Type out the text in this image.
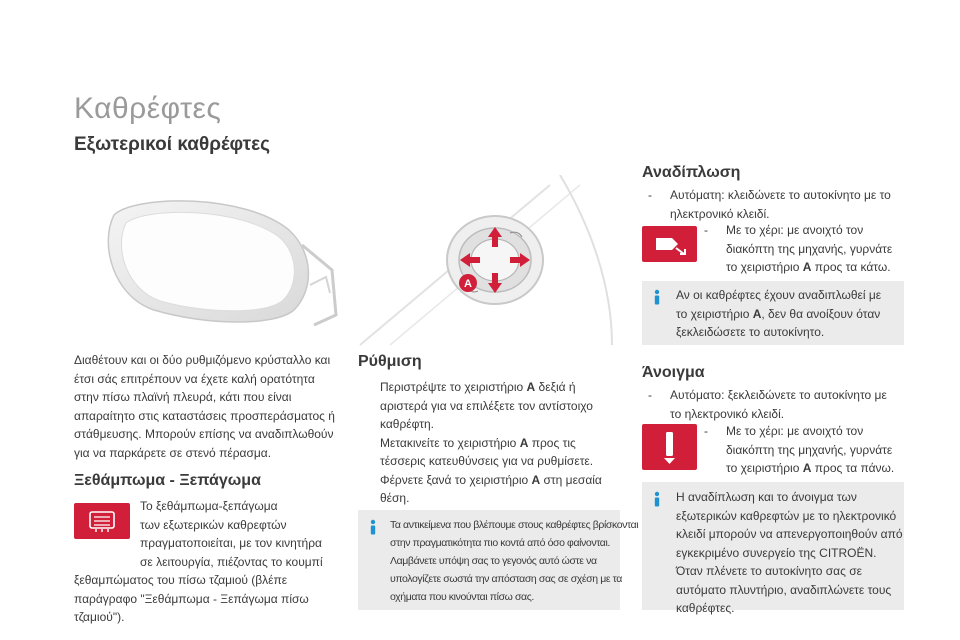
Καθρέφτες
Εξωτερικοί καθρέφτες
A
Διαθέτουν και οι δύο ρυθμιζόμενο κρύσταλλο και
έτσι σάς επιτρέπουν να έχετε καλή ορατότητα
στην πίσω πλαϊνή πλευρά, κάτι που είναι
απαραίτητο στις καταστάσεις προσπεράσματος ή
στάθμευσης. Μπορούν επίσης να αναδιπλωθούν
για να παρκάρετε σε στενό πέρασμα.
Ξεθάμπωμα - Ξεπάγωμα
Το ξεθάμπωμα-ξεπάγωμα
των εξωτερικών καθρεφτών
πραγματοποιείται, με τον κινητήρα
σε λειτουργία, πιέζοντας το κουμπί
ξεθαμπώματος του πίσω τζαμιού (βλέπε
παράγραφο "Ξεθάμπωμα - Ξεπάγωμα πίσω
τζαμιού").
Ρύθμιση
Περιστρέψτε το χειριστήριο A δεξιά ή
αριστερά για να επιλέξετε τον αντίστοιχο
καθρέφτη.
Μετακινείτε το χειριστήριο A προς τις
τέσσερις κατευθύνσεις για να ρυθμίσετε.
Φέρνετε ξανά το χειριστήριο A στη μεσαία
θέση.
Τα αντικείμενα που βλέπουμε στους καθρέφτες βρίσκονται
στην πραγματικότητα πιο κοντά από όσο φαίνονται.
Λαμβάνετε υπόψη σας το γεγονός αυτό ώστε να
υπολογίζετε σωστά την απόσταση σας σε σχέση με τα
οχήματα που κινούνται πίσω σας.
Αναδίπλωση
- Αυτόματη: κλειδώνετε το αυτοκίνητο με το
ηλεκτρονικό κλειδί.
- Με το χέρι: με ανοιχτό τον
διακόπτη της μηχανής, γυρνάτε
το χειριστήριο A προς τα κάτω.
Αν οι καθρέφτες έχουν αναδιπλωθεί με
το χειριστήριο A, δεν θα ανοίξουν όταν
ξεκλειδώσετε το αυτοκίνητο.
Άνοιγμα
- Αυτόματο: ξεκλειδώνετε το αυτοκίνητο με
το ηλεκτρονικό κλειδί.
- Με το χέρι: με ανοιχτό τον
διακόπτη της μηχανής, γυρνάτε
το χειριστήριο A προς τα πάνω.
Η αναδίπλωση και το άνοιγμα των
εξωτερικών καθρεφτών με το ηλεκτρονικό
κλειδί μπορούν να απενεργοποιηθούν από
εγκεκριμένο συνεργείο της CITROËN.
Όταν πλένετε το αυτοκίνητο σας σε
αυτόματο πλυντήριο, αναδιπλώνετε τους
καθρέφτες.
